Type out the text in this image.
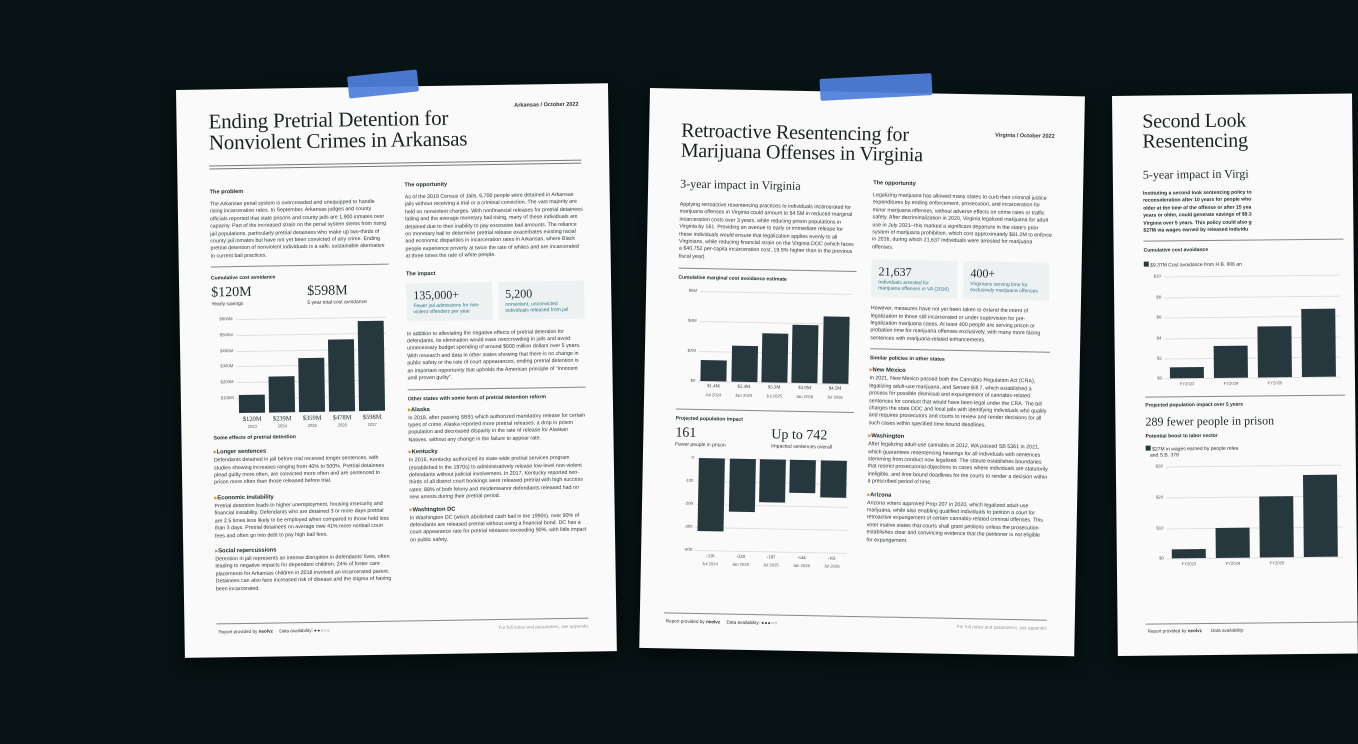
Arkansas / October 2022
Ending Pretrial Detention for
Nonviolent Crimes in Arkansas
The problem
The Arkansas penal system is overcrowded and unequipped to handle rising incarceration rates. In September, Arkansas judges and county officials reported that state prisons and county jails are 1,900 inmates over capacity. Part of the increased strain on the penal system stems from rising jail populations, particularly pretrial detainees who make up two-thirds of county jail inmates but have not yet been convicted of any crime. Ending pretrial detention of nonviolent individuals is a safe, sustainable alternative to current bail practices.
Cumulative cost avoidance
$120M
Yearly savings
$598M
5 year total cost avoidance
$100M
$200M
$300M
$400M
$500M
$600M
$120M
2023
$239M
2024
$359M
2025
$478M
2026
$598M
2027
Some effects of pretrial detention
▸ Longer sentences
Defendants detained in jail before trial received longer sentences, with studies showing increases ranging from 40% to 500%. Pretrial detainees plead guilty more often, are convicted more often and are sentenced to prison more often than those released before trial.
▸ Economic instability
Pretrial detention leads to higher unemployment, housing insecurity and financial instability. Defendants who are detained 3 or more days pretrial are 2.5 times less likely to be employed when compared to those held less than 3 days. Pretrial detainees on average owe 41% more nonbail court fees and often go into debt to pay high bail fees.
▸ Social repercussions
Detention in jail represents an intense disruption in defendants' lives, often leading to negative impacts for dependent children. 24% of foster care placements for Arkansas children in 2018 involved an incarcerated parent. Detainees can also face increased risk of disease and the stigma of having been incarcerated.
The opportunity
As of the 2019 Census of Jails, 6,700 people were detained in Arkansas jails without receiving a trial or a criminal conviction. The vast majority are held on nonviolent charges. With nonfinancial releases for pretrial detainees falling and the average monetary bail rising, many of these individuals are detained due to their inability to pay excessive bail amounts. The reliance on monetary bail to determine pretrial release exacerbates existing racial and economic disparities in incarceration rates in Arkansas, where Black people experience poverty at twice the rate of whites and are incarcerated at three times the rate of white people.
The impact
135,000+
Fewer jail admissions for non-violent offenders per year
5,200
nonviolent, unconvicted individuals released from jail
In addition to alleviating the negative effects of pretrial detention for defendants, its elimination would ease overcrowding in jails and avoid unnecessary budget spending of around $600 million dollars over 5 years. With research and data in other states showing that there is no change in public safety or the rate of court appearances, ending pretrial detention is an important opportunity that upholds the American principle of "innocent until proven guilty".
Other states with some form of pretrial detention reform
▸ Alaska
In 2018, after passing SB91 which authorized mandatory release for certain types of crime, Alaska reported more pretrial releases, a drop in prison population and decreased disparity in the rate of release for Alaskan Natives, without any change in the failure to appear rate.
▸ Kentucky
In 2016, Kentucky authorized its state-wide pretrial services program (established in the 1970s) to administratively release low-level non-violent defendants without judicial involvement. In 2017, Kentucky reported two-thirds of all district court bookings were released pretrial with high success rates: 88% of both felony and misdemeanor defendants released had no new arrests during their pretrial period.
▸ Washington DC
In Washington DC (which abolished cash bail in the 1990s), over 90% of defendants are released pretrial without using a financial bond. DC has a court appearance rate for pretrial releases exceeding 90%, with little impact on public safety.
Report provided by neolvz Data availability: ●●○○○
For full notes and parameters, see appendix
Virginia / October 2022
Retroactive Resentencing for
Marijuana Offenses in Virginia
3-year impact in Virginia
Applying retroactive resentencing practices to individuals incarcerated for marijuana offenses in Virginia could amount to $4.5M in reduced marginal incarceration costs over 3 years, while reducing prison populations in Virginia by 161. Providing an avenue to early or immediate release for these individuals would ensure that legalization applies evenly to all Virginians, while reducing financial strain on the Virginia DOC (which faces a $40,752 per-capita incarceration cost, 19.9% higher than in the previous fiscal year).
Cumulative marginal cost avoidance estimate
$0
$2M
$4M
$6M
$1.4M
Jul 2024
$2.4M
Jan 2025
$3.3M
Jul 2025
$3.9M
Jan 2026
$4.5M
Jul 2026
Projected population impact
161
Fewer people in prison
Up to 742
Impacted sentences overall
0
-100
-200
-300
-400
-316
Jul 2024
-228
Jan 2025
-187
Jul 2025
-144
Jan 2026
-161
Jul 2026
The opportunity
Legalizing marijuana has allowed many states to curb their criminal justice expenditures by ending enforcement, prosecution, and incarceration for minor marijuana offenses, without adverse effects on crime rates or traffic safety. After decriminalization in 2020, Virginia legalized marijuana for adult use in July 2021--this marked a significant departure in the state's prior system of marijuana prohibition, which cost approximately $81.2M to enforce in 2016, during which 21,637 individuals were arrested for marijuana offenses.
21,637
Individuals arrested for marijuana offenses in VA (2016)
400+
Virginians serving time for exclusively marijuana offenses
However, measures have not yet been taken to extend the intent of legalization to those still incarcerated or under supervision for pre-legalization marijuana cases. At least 400 people are serving prison or probation time for marijuana offenses exclusively, with many more facing sentences with marijuana-related enhancements.
Similar policies in other states
▸ New Mexico
In 2021, New Mexico passed both the Cannabis Regulation Act (CRA), legalizing adult-use marijuana, and Senate Bill 7, which established a process for possible dismissal and expungement of cannabis-related sentences for conduct that would have been legal under the CRA. The bill charges the state DOC and local jails with identifying individuals who qualify and requires prosecutors and courts to review and render decisions for all such cases within specified time bound deadlines.
▸ Washington
After legalizing adult-use cannabis in 2012, WA passed SB 5361 in 2021, which guarantees resentencing hearings for all individuals with sentences stemming from conduct now legalized. The statute establishes boundaries that restrict prosecutorial objections to cases where individuals are statutorily ineligible, and time bound deadlines for the courts to render a decision within a prescribed period of time.
▸ Arizona
Arizona voters approved Prop 207 in 2020, which legalized adult-use marijuana, while also enabling qualified individuals to petition a court for retroactive expungement of certain cannabis-related criminal offenses. This voter inative states that courts shall grant petitions unless the prosecution establishes clear and convincing evidence that the petitioner is not eligible for expungement.
Report provided by neolvz Data availability: ●●●○○
For full notes and parameters, see appendix
Second Look
Resentencing
5-year impact in Virgi
Instituting a second look sentencing policy to
reconsideration after 10 years for people who
older at the time of the offense or after 15 yea
years or older, could generate savings of $9.3
Virginia over 5 years. This policy could also g
$27M via wages earned by released individu
Cumulative cost avoidance
$9.37M Cost avoidance from H.B. 906 an
$0
$2
$4
$6
$8
$10
FY2023	FY2024	FY2025
Projected population impact over 5 years
289 fewer people in prison
Potential boost to labor sector
$27M in wages earned by people relea
and S.B. 378
$0
$10
$20
$30
FY2023	FY2024	FY2025
Report provided by neolvz Data availability:
